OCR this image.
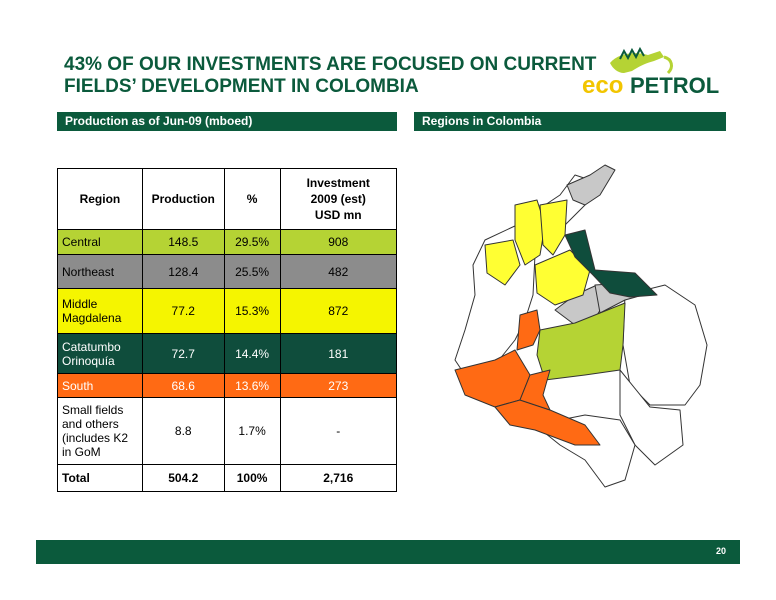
43% OF OUR INVESTMENTS ARE FOCUSED ON CURRENT
FIELDS’ DEVELOPMENT IN COLOMBIA	eco PETROL
Production as of Jun-09 (mboed)	Regions in Colombia
Region	Production	%	Investment
2009 (est)
USD mn

Central	148.5	29.5%	908
Northeast	128.4	25.5%	482

Middle
Magdalena	77.2	15.3%	872

Catatumbo
Orinoquía	72.7	14.4%	181
South	68.6	13.6%	273

Small fields
and others
(includes K2
in GoM	8.8	1.7%	-
Total	504.2	100%	2,716
20
